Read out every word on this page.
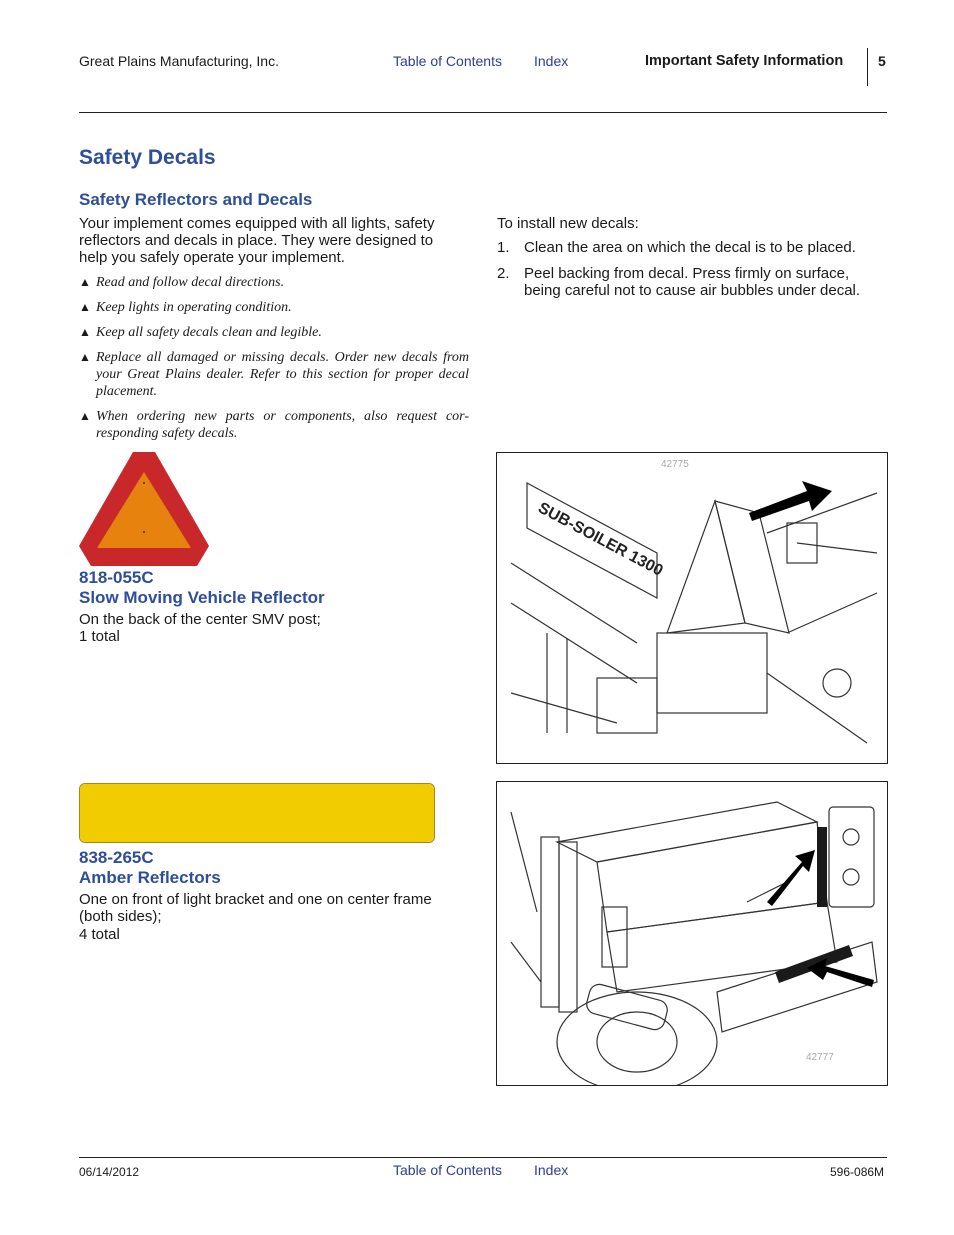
Great Plains Manufacturing, Inc.	Table of Contents Index	Important Safety Information 5
Safety Decals
Safety Reflectors and Decals
Your implement comes equipped with all lights, safety reflectors and decals in place. They were designed to help you safely operate your implement.
▲ Read and follow decal directions.
▲ Keep lights in operating condition.
▲ Keep all safety decals clean and legible.
▲ Replace all damaged or missing decals. Order new decals from your Great Plains dealer. Refer to this section for proper decal placement.
▲ When ordering new parts or components, also request cor-responding safety decals.
To install new decals:
1. Clean the area on which the decal is to be placed.
2. Peel backing from decal. Press firmly on surface, being careful not to cause air bubbles under decal.
818-055C
Slow Moving Vehicle Reflector
On the back of the center SMV post;
1 total
42775
SUB-SOILER 1300
838-265C
Amber Reflectors
One on front of light bracket and one on center frame (both sides);
4 total
42777
06/14/2012	Table of Contents Index	596-086M
